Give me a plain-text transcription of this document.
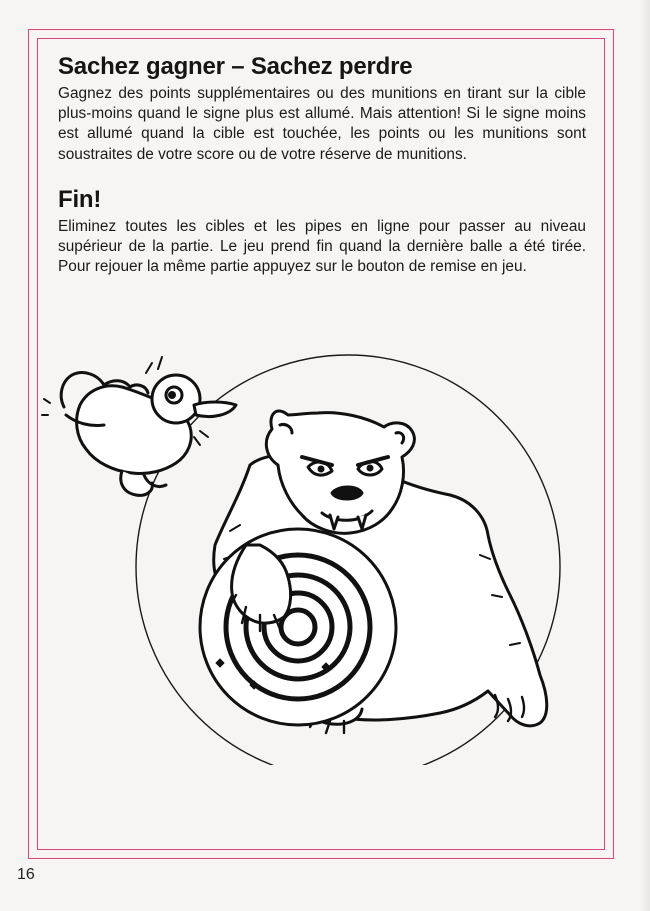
Sachez gagner – Sachez perdre

Gagnez des points supplémentaires ou des munitions en tirant sur la cible plus-moins quand le signe plus est allumé. Mais attention! Si le signe moins est allumé quand la cible est touchée, les points ou les munitions sont soustraites de votre score ou de votre réserve de munitions.

Fin!

Eliminez toutes les cibles et les pipes en ligne pour passer au niveau supérieur de la partie. Le jeu prend fin quand la dernière balle a été tirée. Pour rejouer la même partie appuyez sur le bouton de remise en jeu.

16
